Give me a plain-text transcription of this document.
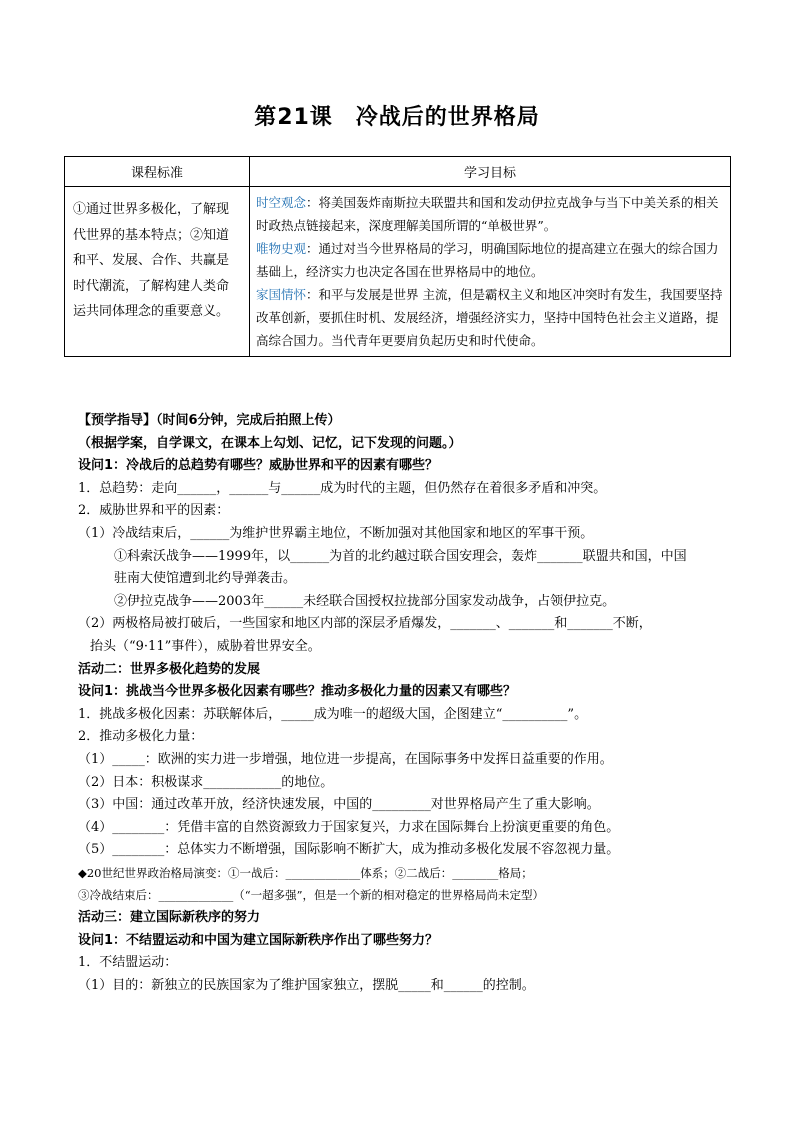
第21课　冷战后的世界格局
课程标准	学习目标
①通过世界多极化，了解现代世界的基本特点；②知道和平、发展、合作、共赢是时代潮流，了解构建人类命运共同体理念的重要意义。	时空观念：将美国轰炸南斯拉夫联盟共和国和发动伊拉克战争与当下中美关系的相关时政热点链接起来，深度理解美国所谓的“单极世界”。
唯物史观：通过对当今世界格局的学习，明确国际地位的提高建立在强大的综合国力基础上，经济实力也决定各国在世界格局中的地位。
家国情怀：和平与发展是世界 主流，但是霸权主义和地区冲突时有发生，我国要坚持改革创新，要抓住时机、发展经济，增强经济实力，坚持中国特色社会主义道路，提高综合国力。当代青年更要肩负起历史和时代使命。

【预学指导】（时间6分钟，完成后拍照上传）

（根据学案，自学课文，在课本上勾划、记忆，记下发现的问题。）

设问1：冷战后的总趋势有哪些？威胁世界和平的因素有哪些？

1．总趋势：走向______，______与______成为时代的主题，但仍然存在着很多矛盾和冲突。

2．威胁世界和平的因素：

（1）冷战结束后，______为维护世界霸主地位，不断加强对其他国家和地区的军事干预。

①科索沃战争——1999年，以______为首的北约越过联合国安理会，轰炸_______联盟共和国，中国

驻南大使馆遭到北约导弹袭击。

②伊拉克战争——2003年______未经联合国授权拉拢部分国家发动战争，占领伊拉克。

（2）两极格局被打破后，一些国家和地区内部的深层矛盾爆发，_______、_______和_______不断，

抬头（“9·11”事件），威胁着世界安全。

活动二：世界多极化趋势的发展

设问1：挑战当今世界多极化因素有哪些？推动多极化力量的因素又有哪些？

1．挑战多极化因素：苏联解体后，_____成为唯一的超级大国，企图建立“__________”。

2．推动多极化力量：

（1）_____：欧洲的实力进一步增强，地位进一步提高，在国际事务中发挥日益重要的作用。

（2）日本：积极谋求____________的地位。

（3）中国：通过改革开放，经济快速发展，中国的_________对世界格局产生了重大影响。

（4）________：凭借丰富的自然资源致力于国家复兴，力求在国际舞台上扮演更重要的角色。

（5）________：总体实力不断增强，国际影响不断扩大，成为推动多极化发展不容忽视力量。

◆20世纪世界政治格局演变：①一战后：_____________体系；②二战后：________格局；

③冷战结束后：_____________（“一超多强”，但是一个新的相对稳定的世界格局尚未定型）

活动三：建立国际新秩序的努力

设问1：不结盟运动和中国为建立国际新秩序作出了哪些努力？

1．不结盟运动：

（1）目的：新独立的民族国家为了维护国家独立，摆脱_____和______的控制。
